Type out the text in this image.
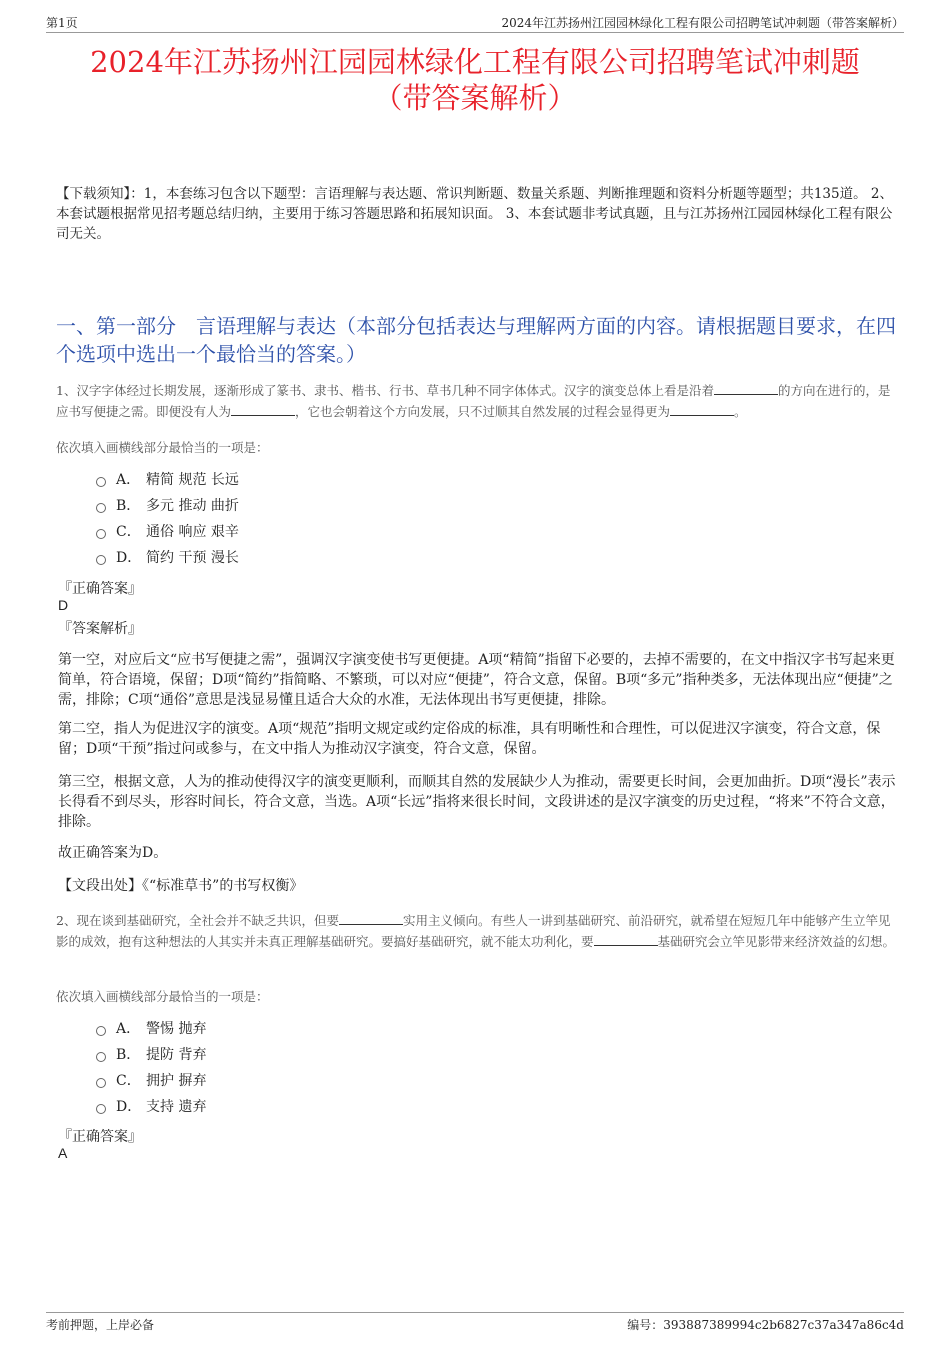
第1页	2024年江苏扬州江园园林绿化工程有限公司招聘笔试冲刺题（带答案解析）
2024年江苏扬州江园园林绿化工程有限公司招聘笔试冲刺题
（带答案解析）
【下载须知】：1，本套练习包含以下题型：言语理解与表达题、常识判断题、数量关系题、判断推理题和资料分析题等题型；共135道。 2、本套试题根据常见招考题总结归纳，主要用于练习答题思路和拓展知识面。 3、本套试题非考试真题，且与江苏扬州江园园林绿化工程有限公司无关。
一、第一部分　言语理解与表达（本部分包括表达与理解两方面的内容。请根据题目要求，在四个选项中选出一个最恰当的答案。）
1、汉字字体经过长期发展，逐渐形成了篆书、隶书、楷书、行书、草书几种不同字体体式。汉字的演变总体上看是沿着	的方向在进行的，是应书写便捷之需。即便没有人为	，它也会朝着这个方向发展，只不过顺其自然发展的过程会显得更为	。
依次填入画横线部分最恰当的一项是：
A． 精简 规范 长远
B． 多元 推动 曲折
C． 通俗 响应 艰辛
D． 简约 干预 漫长
『正确答案』
D
『答案解析』
第一空，对应后文“应书写便捷之需”，强调汉字演变使书写更便捷。A项“精简”指留下必要的，去掉不需要的，在文中指汉字书写起来更简单，符合语境，保留；D项“简约”指简略、不繁琐，可以对应“便捷”，符合文意，保留。B项“多元”指种类多，无法体现出应“便捷”之需，排除；C项“通俗”意思是浅显易懂且适合大众的水准，无法体现出书写更便捷，排除。
第二空，指人为促进汉字的演变。A项“规范”指明文规定或约定俗成的标准，具有明晰性和合理性，可以促进汉字演变，符合文意，保留；D项“干预”指过问或参与，在文中指人为推动汉字演变，符合文意，保留。
第三空，根据文意，人为的推动使得汉字的演变更顺利，而顺其自然的发展缺少人为推动，需要更长时间，会更加曲折。D项“漫长”表示长得看不到尽头，形容时间长，符合文意，当选。A项“长远”指将来很长时间，文段讲述的是汉字演变的历史过程，“将来”不符合文意，排除。
故正确答案为D。
【文段出处】《“标准草书”的书写权衡》
2、现在谈到基础研究，全社会并不缺乏共识，但要	实用主义倾向。有些人一讲到基础研究、前沿研究，就希望在短短几年中能够产生立竿见影的成效，抱有这种想法的人其实并未真正理解基础研究。要搞好基础研究，就不能太功利化，要	基础研究会立竿见影带来经济效益的幻想。
依次填入画横线部分最恰当的一项是：
A． 警惕 抛弃
B． 提防 背弃
C． 拥护 摒弃
D． 支持 遗弃
『正确答案』
A
考前押题，上岸必备	编号：393887389994c2b6827c37a347a86c4d
